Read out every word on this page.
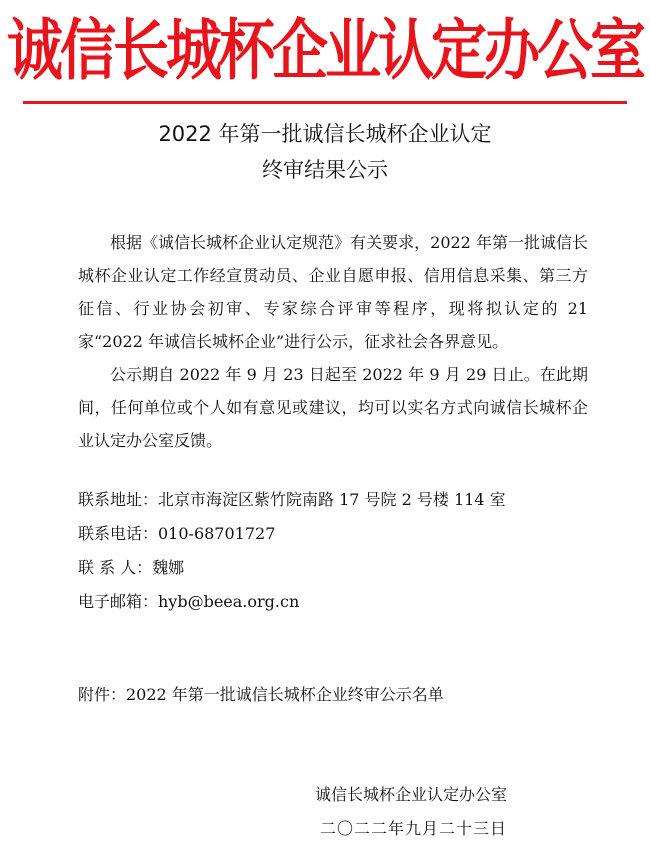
诚信长城杯企业认定办公室
2022 年第一批诚信长城杯企业认定
终审结果公示

根据《诚信长城杯企业认定规范》有关要求，2022 年第一批诚信长城杯企业认定工作经宣贯动员、企业自愿申报、信用信息采集、第三方征信、行业协会初审、专家综合评审等程序，现将拟认定的 21 家“2022 年诚信长城杯企业”进行公示，征求社会各界意见。

公示期自 2022 年 9 月 23 日起至 2022 年 9 月 29 日止。在此期间，任何单位或个人如有意见或建议，均可以实名方式向诚信长城杯企业认定办公室反馈。

联系地址：北京市海淀区紫竹院南路 17 号院 2 号楼 114 室
联系电话：010-68701727
联 系 人：魏娜
电子邮箱：hyb@beea.org.cn
附件：2022 年第一批诚信长城杯企业终审公示名单
诚信长城杯企业认定办公室
二〇二二年九月二十三日
